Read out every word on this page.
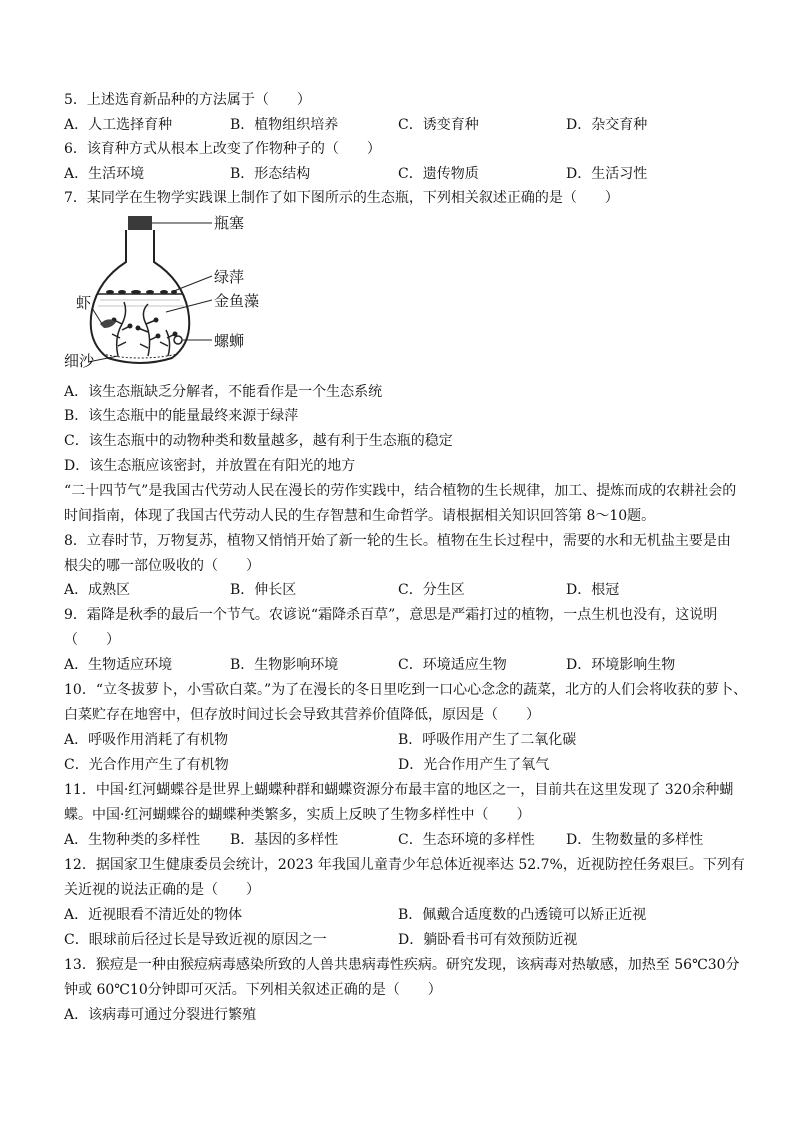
5．上述选育新品种的方法属于（　　）
A．人工选择育种	B．植物组织培养	C．诱变育种	D．杂交育种
6．该育种方式从根本上改变了作物种子的（　　）
A．生活环境	B．形态结构	C．遗传物质	D．生活习性
7．某同学在生物学实践课上制作了如下图所示的生态瓶，下列相关叙述正确的是（　　）
瓶塞
绿萍
金鱼藻
虾
螺蛳
细沙
A．该生态瓶缺乏分解者，不能看作是一个生态系统
B．该生态瓶中的能量最终来源于绿萍
C．该生态瓶中的动物种类和数量越多，越有利于生态瓶的稳定
D．该生态瓶应该密封，并放置在有阳光的地方
“二十四节气”是我国古代劳动人民在漫长的劳作实践中，结合植物的生长规律，加工、提炼而成的农耕社会的
时间指南，体现了我国古代劳动人民的生存智慧和生命哲学。请根据相关知识回答第 8～10题。
8．立春时节，万物复苏，植物又悄悄开始了新一轮的生长。植物在生长过程中，需要的水和无机盐主要是由
根尖的哪一部位吸收的（　　）
A．成熟区	B．伸长区	C．分生区	D．根冠
9．霜降是秋季的最后一个节气。农谚说“霜降杀百草”，意思是严霜打过的植物，一点生机也没有，这说明
（　　）
A．生物适应环境	B．生物影响环境	C．环境适应生物	D．环境影响生物
10．“立冬拔萝卜，小雪砍白菜。”为了在漫长的冬日里吃到一口心心念念的蔬菜，北方的人们会将收获的萝卜、
白菜贮存在地窖中，但存放时间过长会导致其营养价值降低，原因是（　　）
A．呼吸作用消耗了有机物	B．呼吸作用产生了二氧化碳
C．光合作用产生了有机物	D．光合作用产生了氧气
11．中国·红河蝴蝶谷是世界上蝴蝶种群和蝴蝶资源分布最丰富的地区之一，目前共在这里发现了 320余种蝴
蝶。中国·红河蝴蝶谷的蝴蝶种类繁多，实质上反映了生物多样性中（　　）
A．生物种类的多样性 B．基因的多样性	C．生态环境的多样性 D．生物数量的多样性
12．据国家卫生健康委员会统计，2023 年我国儿童青少年总体近视率达 52.7%，近视防控任务艰巨。下列有
关近视的说法正确的是（　　）
A．近视眼看不清近处的物体	B．佩戴合适度数的凸透镜可以矫正近视
C．眼球前后径过长是导致近视的原因之一	D．躺卧看书可有效预防近视
13．猴痘是一种由猴痘病毒感染所致的人兽共患病毒性疾病。研究发现，该病毒对热敏感，加热至 56℃30分
钟或 60℃10分钟即可灭活。下列相关叙述正确的是（　　）
A．该病毒可通过分裂进行繁殖
